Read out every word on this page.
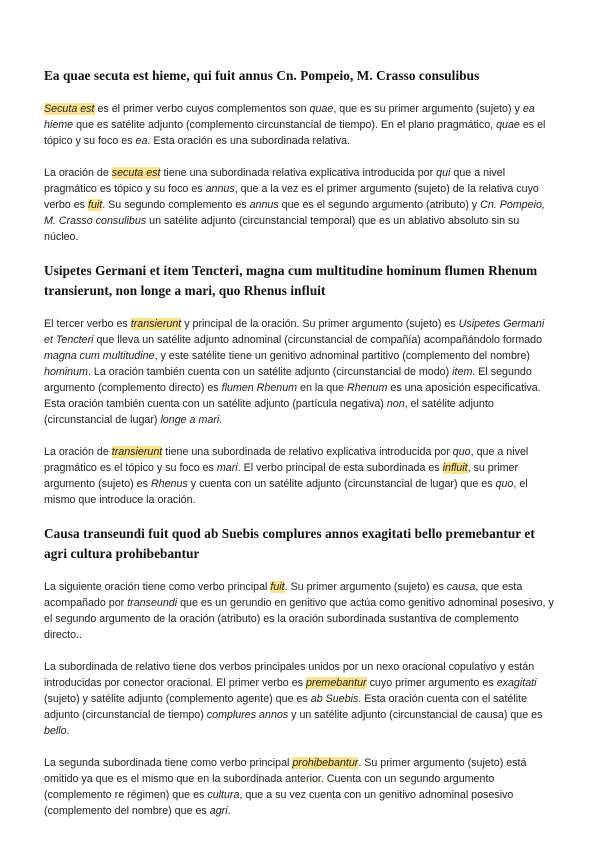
Ea quae secuta est hieme, qui fuit annus Cn. Pompeio, M. Crasso consulibus

Secuta est es el primer verbo cuyos complementos son quae, que es su primer argumento (sujeto) y ea hieme que es satélite adjunto (complemento circunstancial de tiempo). En el plano pragmático, quae es el tópico y su foco es ea. Esta oración es una subordinada relativa.

La oración de secuta est tiene una subordinada relativa explicativa introducida por qui que a nivel pragmático es tópico y su foco es annus, que a la vez es el primer argumento (sujeto) de la relativa cuyo verbo es fuit. Su segundo complemento es annus que es el segundo argumento (atributo) y Cn. Pompeio, M. Crasso consulibus un satélite adjunto (circunstancial temporal) que es un ablativo absoluto sin su núcleo.

Usipetes Germani et item Tencteri, magna cum multitudine hominum flumen Rhenum transierunt, non longe a mari, quo Rhenus influit

El tercer verbo es transierunt y principal de la oración. Su primer argumento (sujeto) es Usipetes Germani et Tencteri que lleva un satélite adjunto adnominal (circunstancial de compañía) acompañándolo formado magna cum multitudine, y este satélite tiene un genitivo adnominal partitivo (complemento del nombre) hominum. La oración también cuenta con un satélite adjunto (circunstancial de modo) item. El segundo argumento (complemento directo) es flumen Rhenum en la que Rhenum es una aposición especificativa. Esta oración también cuenta con un satélite adjunto (partícula negativa) non, el satélite adjunto (circunstancial de lugar) longe a mari.

La oración de transierunt tiene una subordinada de relativo explicativa introducida por quo, que a nivel pragmático es el tópico y su foco es mari. El verbo principal de esta subordinada es influit, su primer argumento (sujeto) es Rhenus y cuenta con un satélite adjunto (circunstancial de lugar) que es quo, el mismo que introduce la oración.

Causa transeundi fuit quod ab Suebis complures annos exagitati bello premebantur et agri cultura prohibebantur

La siguiente oración tiene como verbo principal fuit. Su primer argumento (sujeto) es causa, que esta acompañado por transeundi que es un gerundio en genitivo que actúa como genitivo adnominal posesivo, y el segundo argumento de la oración (atributo) es la oración subordinada sustantiva de complemento directo..

La subordinada de relativo tiene dos verbos principales unidos por un nexo oracional copulativo y están introducidas por conector oracional. El primer verbo es premebantur cuyo primer argumento es exagitati (sujeto) y satélite adjunto (complemento agente) que es ab Suebis. Esta oración cuenta con el satélite adjunto (circunstancial de tiempo) complures annos y un satélite adjunto (circunstancial de causa) que es bello.

La segunda subordinada tiene como verbo principal prohibebantur. Su primer argumento (sujeto) está omitido ya que es el mismo que en la subordinada anterior. Cuenta con un segundo argumento (complemento re régimen) que es cultura, que a su vez cuenta con un genitivo adnominal posesivo (complemento del nombre) que es agri.
